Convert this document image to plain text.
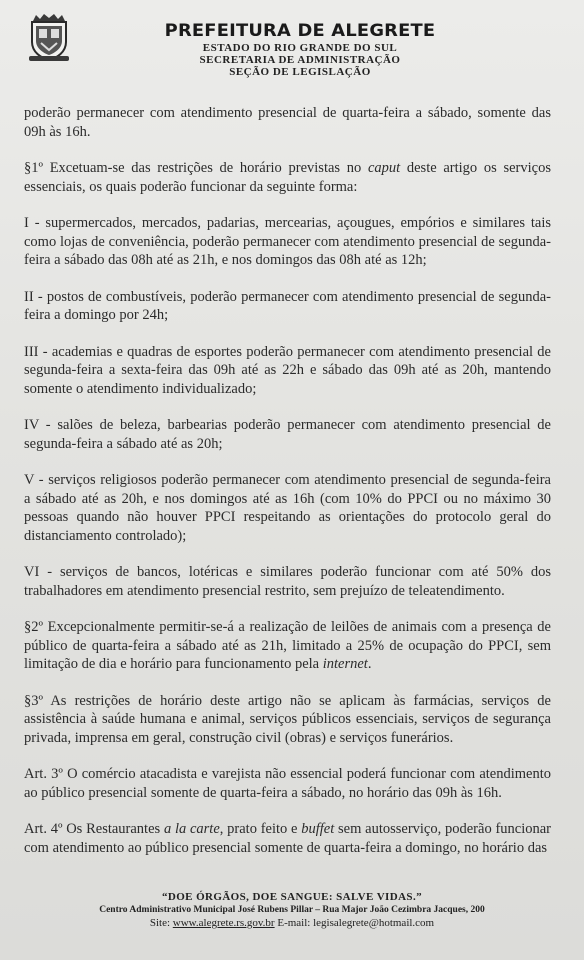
PREFEITURA DE ALEGRETE
ESTADO DO RIO GRANDE DO SUL
SECRETARIA DE ADMINISTRAÇÃO
SEÇÃO DE LEGISLAÇÃO

poderão permanecer com atendimento presencial de quarta-feira a sábado, somente das 09h às 16h.

§1º Excetuam-se das restrições de horário previstas no caput deste artigo os serviços essenciais, os quais poderão funcionar da seguinte forma:

I - supermercados, mercados, padarias, mercearias, açougues, empórios e similares tais como lojas de conveniência, poderão permanecer com atendimento presencial de segunda-feira a sábado das 08h até as 21h, e nos domingos das 08h até as 12h;

II - postos de combustíveis, poderão permanecer com atendimento presencial de segunda-feira a domingo por 24h;

III - academias e quadras de esportes poderão permanecer com atendimento presencial de segunda-feira a sexta-feira das 09h até as 22h e sábado das 09h até as 20h, mantendo somente o atendimento individualizado;

IV - salões de beleza, barbearias poderão permanecer com atendimento presencial de segunda-feira a sábado até as 20h;

V - serviços religiosos poderão permanecer com atendimento presencial de segunda-feira a sábado até as 20h, e nos domingos até as 16h (com 10% do PPCI ou no máximo 30 pessoas quando não houver PPCI respeitando as orientações do protocolo geral do distanciamento controlado);

VI - serviços de bancos, lotéricas e similares poderão funcionar com até 50% dos trabalhadores em atendimento presencial restrito, sem prejuízo de teleatendimento.

§2º Excepcionalmente permitir-se-á a realização de leilões de animais com a presença de público de quarta-feira a sábado até as 21h, limitado a 25% de ocupação do PPCI, sem limitação de dia e horário para funcionamento pela internet.

§3º As restrições de horário deste artigo não se aplicam às farmácias, serviços de assistência à saúde humana e animal, serviços públicos essenciais, serviços de segurança privada, imprensa em geral, construção civil (obras) e serviços funerários.

Art. 3º O comércio atacadista e varejista não essencial poderá funcionar com atendimento ao público presencial somente de quarta-feira a sábado, no horário das 09h às 16h.

Art. 4º Os Restaurantes a la carte, prato feito e buffet sem autosserviço, poderão funcionar com atendimento ao público presencial somente de quarta-feira a domingo, no horário das

“DOE ÓRGÃOS, DOE SANGUE: SALVE VIDAS.”
Centro Administrativo Municipal José Rubens Pillar – Rua Major João Cezimbra Jacques, 200
Site: www.alegrete.rs.gov.br E-mail: legisalegrete@hotmail.com
